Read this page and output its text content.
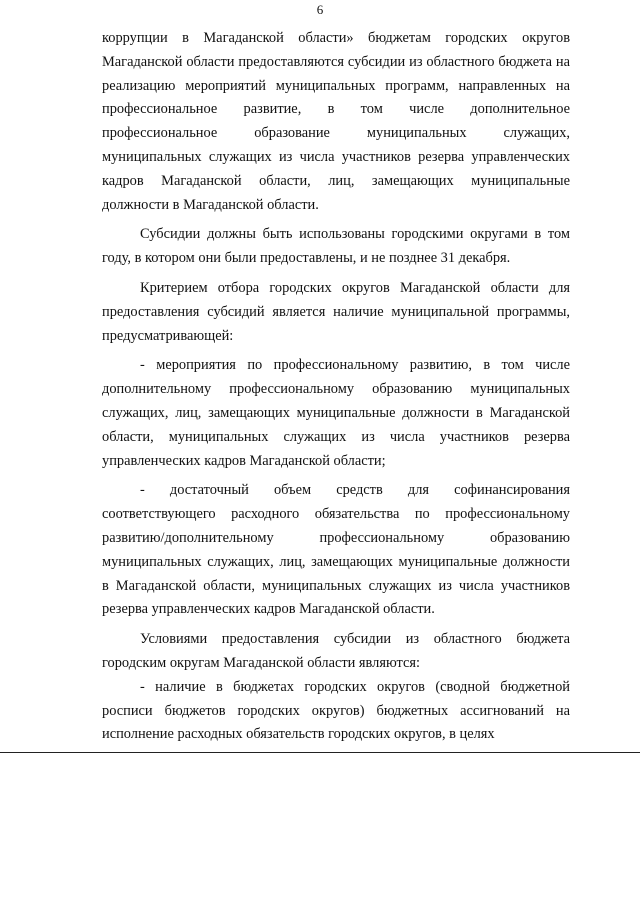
6

коррупции в Магаданской области» бюджетам городских округов Магаданской области предоставляются субсидии из областного бюджета на реализацию мероприятий муниципальных программ, направленных на профессиональное развитие, в том числе дополнительное профессиональное образование муниципальных служащих, муниципальных служащих из числа участников резерва управленческих кадров Магаданской области, лиц, замещающих муниципальные должности в Магаданской области.

Субсидии должны быть использованы городскими округами в том году, в котором они были предоставлены, и не позднее 31 декабря.

Критерием отбора городских округов Магаданской области для предоставления субсидий является наличие муниципальной программы, предусматривающей:

- мероприятия по профессиональному развитию, в том числе дополнительному профессиональному образованию муниципальных служащих, лиц, замещающих муниципальные должности в Магаданской области, муниципальных служащих из числа участников резерва управленческих кадров Магаданской области;

- достаточный объем средств для софинансирования соответствующего расходного обязательства по профессиональному развитию/дополнительному профессиональному образованию муниципальных служащих, лиц, замещающих муниципальные должности в Магаданской области, муниципальных служащих из числа участников резерва управленческих кадров Магаданской области.

Условиями предоставления субсидии из областного бюджета городским округам Магаданской области являются:

- наличие в бюджетах городских округов (сводной бюджетной росписи бюджетов городских округов) бюджетных ассигнований на исполнение расходных обязательств городских округов, в целях
